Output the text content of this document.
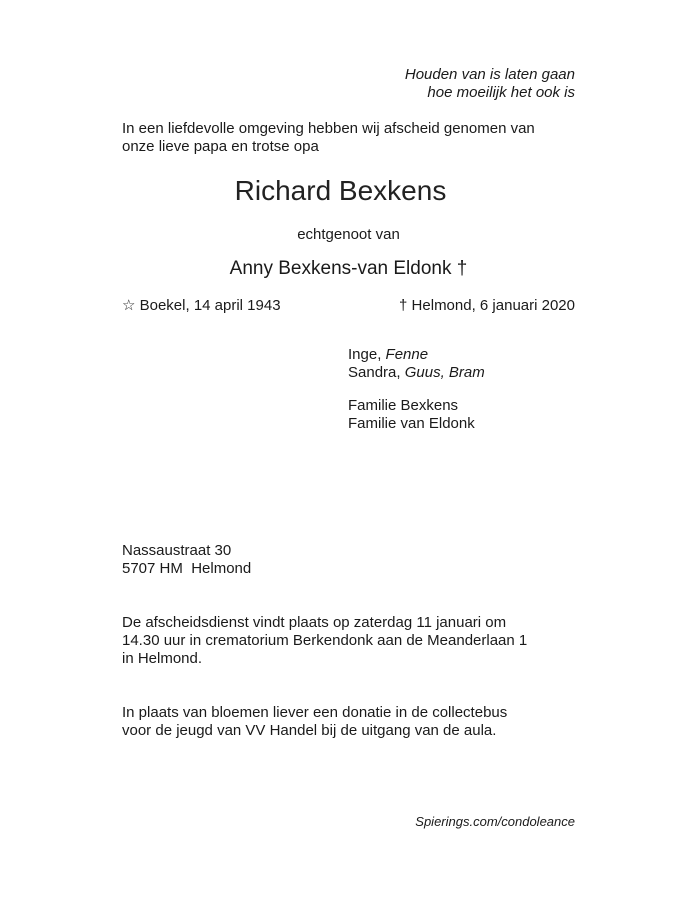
Houden van is laten gaan
hoe moeilijk het ook is
In een liefdevolle omgeving hebben wij afscheid genomen van
onze lieve papa en trotse opa
Richard Bexkens
echtgenoot van
Anny Bexkens-van Eldonk †
☆ Boekel, 14 april 1943	† Helmond, 6 januari 2020
Inge, Fenne
Sandra, Guus, Bram
Familie Bexkens
Familie van Eldonk
Nassaustraat 30
5707 HM  Helmond
De afscheidsdienst vindt plaats op zaterdag 11 januari om
14.30 uur in crematorium Berkendonk aan de Meanderlaan 1
in Helmond.
In plaats van bloemen liever een donatie in de collectebus
voor de jeugd van VV Handel bij de uitgang van de aula.
Spierings.com/condoleance
